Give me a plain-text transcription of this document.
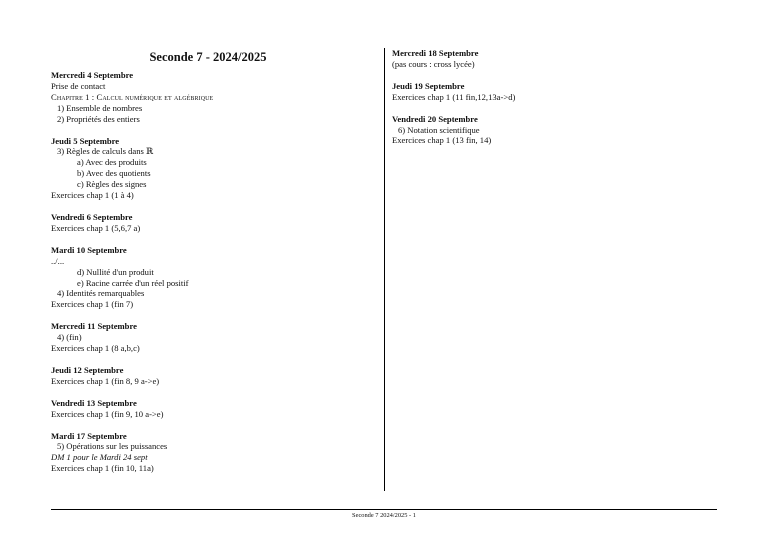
Seconde 7 - 2024/2025
Mercredi 4 Septembre
Prise de contact
Chapitre 1 : Calcul numérique et algébrique
1) Ensemble de nombres
2) Propriétés des entiers
Jeudi 5 Septembre
3) Règles de calculs dans ℝ
a) Avec des produits
b) Avec des quotients
c) Règles des signes
Exercices chap 1 (1 à 4)
Vendredi 6 Septembre
Exercices chap 1 (5,6,7 a)
Mardi 10 Septembre
../...
d) Nullité d'un produit
e) Racine carrée d'un réel positif
4) Identités remarquables
Exercices chap 1 (fin 7)
Mercredi 11 Septembre
4) (fin)
Exercices chap 1 (8 a,b,c)
Jeudi 12 Septembre
Exercices chap 1 (fin 8, 9 a->e)
Vendredi 13 Septembre
Exercices chap 1 (fin 9, 10 a->e)
Mardi 17 Septembre
5) Opérations sur les puissances
DM 1 pour le Mardi 24 sept
Exercices chap 1 (fin 10, 11a)
Mercredi 18 Septembre
(pas cours : cross lycée)
Jeudi 19 Septembre
Exercices chap 1 (11 fin,12,13a->d)
Vendredi 20 Septembre
6) Notation scientifique
Exercices chap 1 (13 fin, 14)
Seconde 7 2024/2025 - 1
